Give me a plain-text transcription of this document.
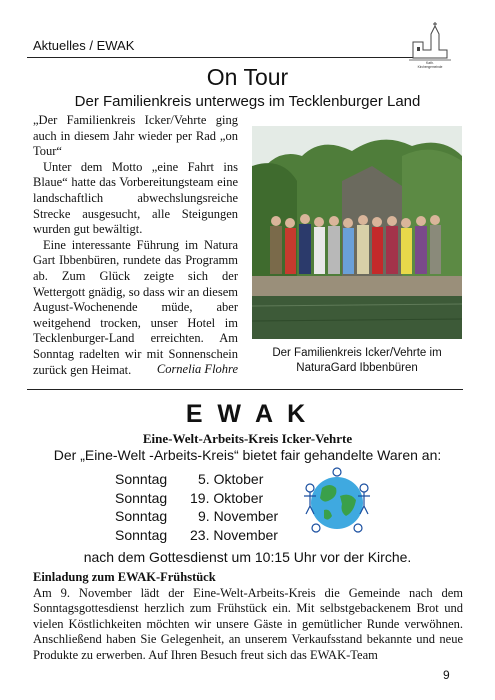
Aktuelles / EWAK
Kath.
Kirchengemeinde
On Tour
Der Familienkreis unterwegs im Tecklenburger Land

„Der Familienkreis Icker/Vehrte ging auch in diesem Jahr wieder per Rad „on Tour“

Unter dem Motto „eine Fahrt ins Blaue“ hatte das Vorbereitungsteam eine landschaftlich abwechslungsreiche Strecke ausgesucht, alle Steigungen wurden gut bewältigt.

Eine interessante Führung im Natura Gart Ibbenbüren, rundete das Programm ab. Zum Glück zeigte sich der Wettergott gnädig, so dass wir an diesem August-Wochenende müde, aber weitgehend trocken, unser Hotel im Tecklenburger-Land erreichten. Am Sonntag radelten wir mit Sonnenschein zurück gen Heimat.	Cornelia Flohre
Der Familienkreis Icker/Vehrte im NaturaGard Ibbenbüren
E W A K
Eine-Welt-Arbeits-Kreis Icker-Vehrte
Der „Eine-Welt -Arbeits-Kreis“ bietet fair gehandelte Waren an:
Sonntag	5. Oktober
Sonntag	19. Oktober
Sonntag	9. November
Sonntag	23. November
nach dem Gottesdienst um 10:15 Uhr vor der Kirche.
Einladung zum EWAK-Frühstück
Am 9. November lädt der Eine-Welt-Arbeits-Kreis die Gemeinde nach dem Sonntagsgottesdienst herzlich zum Frühstück ein. Mit selbstgebackenem Brot und vielen Köstlichkeiten möchten wir unsere Gäste in gemütlicher Runde verwöhnen. Anschließend haben Sie Gelegenheit, an unserem Verkaufsstand bekannte und neue Produkte zu erwerben. Auf Ihren Besuch freut sich das EWAK-Team
9
